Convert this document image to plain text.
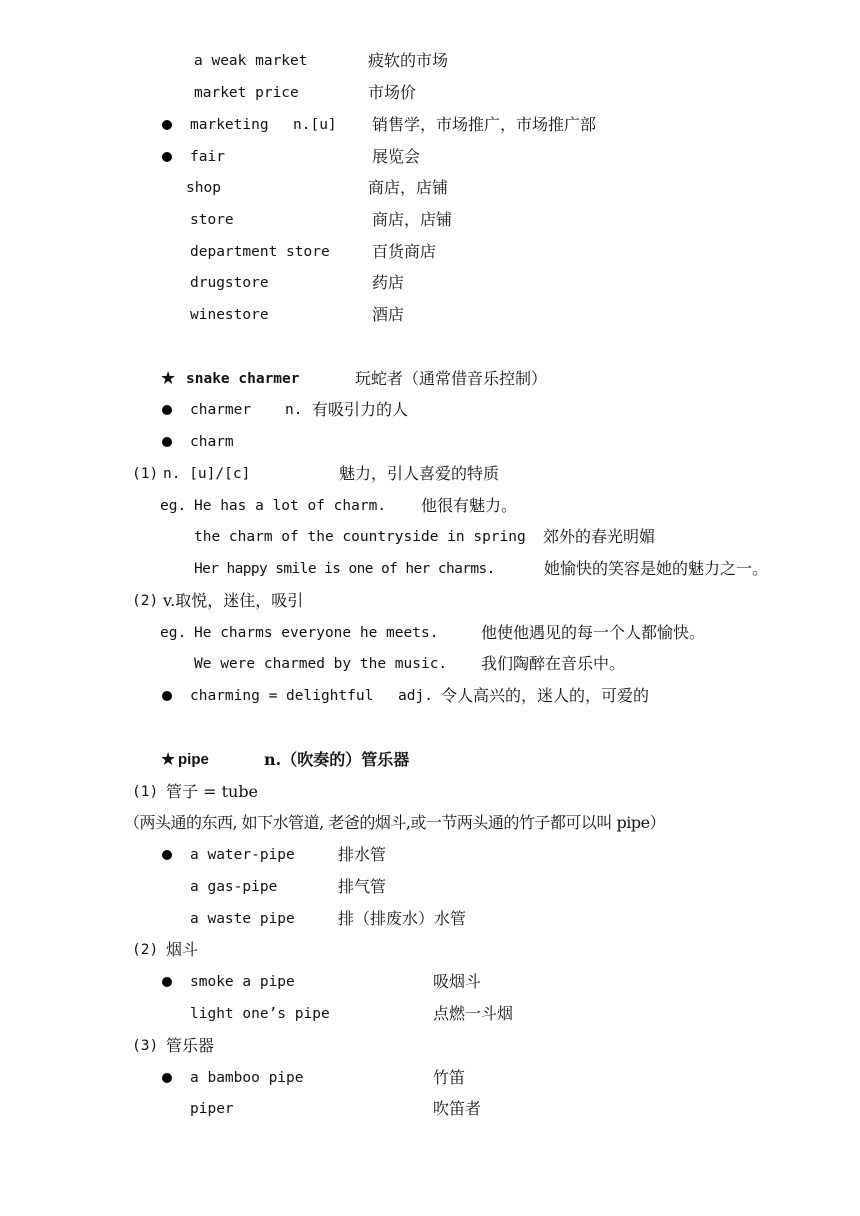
a weak market	疲软的市场
market price	市场价
marketing n.[u] 销售学，市场推广，市场推广部
fair	展览会
shop	商店，店铺
store	商店，店铺
department store	百货商店
drugstore	药店
winestore	酒店
★ snake charmer	玩蛇者（通常借音乐控制）
charmer n. 有吸引力的人
charm
(1) n. [u]/[c]	魅力，引人喜爱的特质
eg. He has a lot of charm. 他很有魅力。
the charm of the countryside in spring 郊外的春光明媚
Her happy smile is one of her charms.	她愉快的笑容是她的魅力之一。
(2) v.取悦，迷住，吸引
eg. He charms everyone he meets.	他使他遇见的每一个人都愉快。
We were charmed by the music. 我们陶醉在音乐中。
charming = delightful adj. 令人高兴的，迷人的，可爱的
★ pipe	n.（吹奏的）管乐器
(1) 管子 = tube
（两头通的东西, 如下水管道, 老爸的烟斗,或一节两头通的竹子都可以叫 pipe）
a water-pipe	排水管
a gas-pipe	排气管
a waste pipe	排（排废水）水管
(2) 烟斗
smoke a pipe	吸烟斗
light one’s pipe	点燃一斗烟
(3) 管乐器
a bamboo pipe	竹笛
piper	吹笛者
